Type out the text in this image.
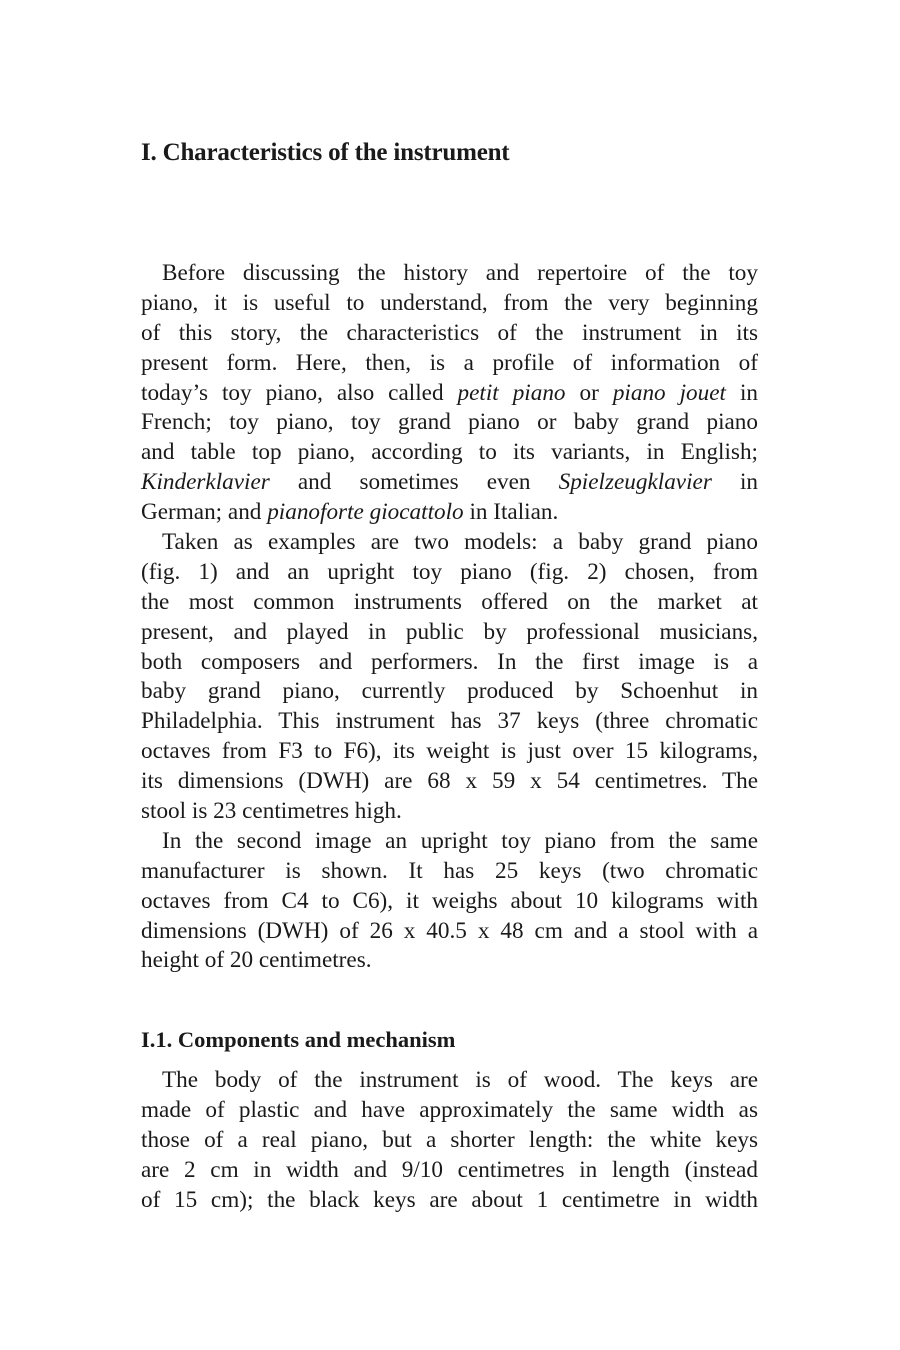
I. Characteristics of the instrument
Before discussing the history and repertoire of the toy
piano, it is useful to understand, from the very beginning
of this story, the characteristics of the instrument in its
present form. Here, then, is a profile of information of
today’s toy piano, also called petit piano or piano jouet in
French; toy piano, toy grand piano or baby grand piano
and table top piano, according to its variants, in English;
Kinderklavier and sometimes even Spielzeugklavier in
German; and pianoforte giocattolo in Italian.
Taken as examples are two models: a baby grand piano
(fig. 1) and an upright toy piano (fig. 2) chosen, from
the most common instruments offered on the market at
present, and played in public by professional musicians,
both composers and performers. In the first image is a
baby grand piano, currently produced by Schoenhut in
Philadelphia. This instrument has 37 keys (three chromatic
octaves from F3 to F6), its weight is just over 15 kilograms,
its dimensions (DWH) are 68 x 59 x 54 centimetres. The
stool is 23 centimetres high.
In the second image an upright toy piano from the same
manufacturer is shown. It has 25 keys (two chromatic
octaves from C4 to C6), it weighs about 10 kilograms with
dimensions (DWH) of 26 x 40.5 x 48 cm and a stool with a
height of 20 centimetres.
I.1. Components and mechanism
The body of the instrument is of wood. The keys are
made of plastic and have approximately the same width as
those of a real piano, but a shorter length: the white keys
are 2 cm in width and 9/10 centimetres in length (instead
of 15 cm); the black keys are about 1 centimetre in width
